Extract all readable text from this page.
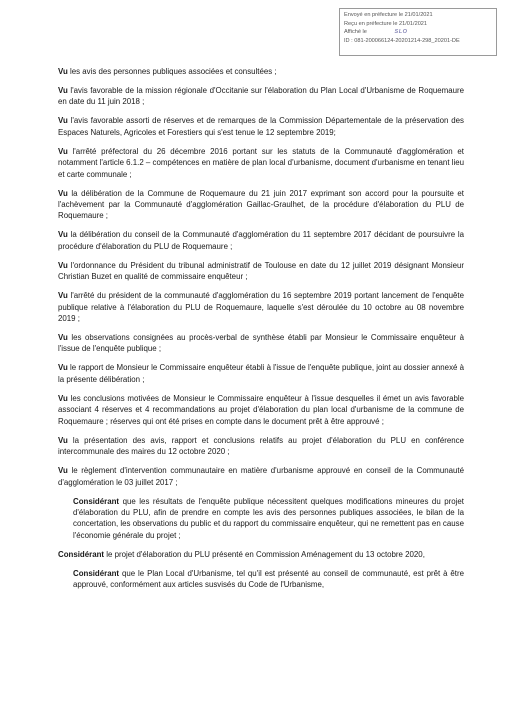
Envoyé en préfecture le 21/01/2021
Reçu en préfecture le 21/01/2021
Affiché le	SLO
ID : 081-200066124-20201214-298_20201-DE

Vu les avis des personnes publiques associées et consultées ;

Vu l'avis favorable de la mission régionale d'Occitanie sur l'élaboration du Plan Local d'Urbanisme de Roquemaure en date du 11 juin 2018 ;

Vu l'avis favorable assorti de réserves et de remarques de la Commission Départementale de la préservation des Espaces Naturels, Agricoles et Forestiers qui s'est tenue le 12 septembre 2019;

Vu l'arrêté préfectoral du 26 décembre 2016 portant sur les statuts de la Communauté d'agglomération et notamment l'article 6.1.2 – compétences en matière de plan local d'urbanisme, document d'urbanisme en tenant lieu et carte communale ;

Vu la délibération de la Commune de Roquemaure du 21 juin 2017 exprimant son accord pour la poursuite et l'achèvement par la Communauté d'agglomération Gaillac-Graulhet, de la procédure d'élaboration du PLU de Roquemaure ;

Vu la délibération du conseil de la Communauté d'agglomération du 11 septembre 2017 décidant de poursuivre la procédure d'élaboration du PLU de Roquemaure ;

Vu l'ordonnance du Président du tribunal administratif de Toulouse en date du 12 juillet 2019 désignant Monsieur Christian Buzet en qualité de commissaire enquêteur ;

Vu l'arrêté du président de la communauté d'agglomération du 16 septembre 2019 portant lancement de l'enquête publique relative à l'élaboration du PLU de Roquemaure, laquelle s'est déroulée du 10 octobre au 08 novembre 2019 ;

Vu les observations consignées au procès-verbal de synthèse établi par Monsieur le Commissaire enquêteur à l'issue de l'enquête publique ;

Vu le rapport de Monsieur le Commissaire enquêteur établi à l'issue de l'enquête publique, joint au dossier annexé à la présente délibération ;

Vu les conclusions motivées de Monsieur le Commissaire enquêteur à l'issue desquelles il émet un avis favorable associant 4 réserves et 4 recommandations au projet d'élaboration du plan local d'urbanisme de la commune de Roquemaure ; réserves qui ont été prises en compte dans le document prêt à être approuvé ;

Vu la présentation des avis, rapport et conclusions relatifs au projet d'élaboration du PLU en conférence intercommunale des maires du 12 octobre 2020 ;

Vu le règlement d'intervention communautaire en matière d'urbanisme approuvé en conseil de la Communauté d'agglomération le 03 juillet 2017 ;

Considérant que les résultats de l'enquête publique nécessitent quelques modifications mineures du projet d'élaboration du PLU, afin de prendre en compte les avis des personnes publiques associées, le bilan de la concertation, les observations du public et du rapport du commissaire enquêteur, qui ne remettent pas en cause l'économie générale du projet ;

Considérant le projet d'élaboration du PLU présenté en Commission Aménagement du 13 octobre 2020,

Considérant que le Plan Local d'Urbanisme, tel qu'il est présenté au conseil de communauté, est prêt à être approuvé, conformément aux articles susvisés du Code de l'Urbanisme,
